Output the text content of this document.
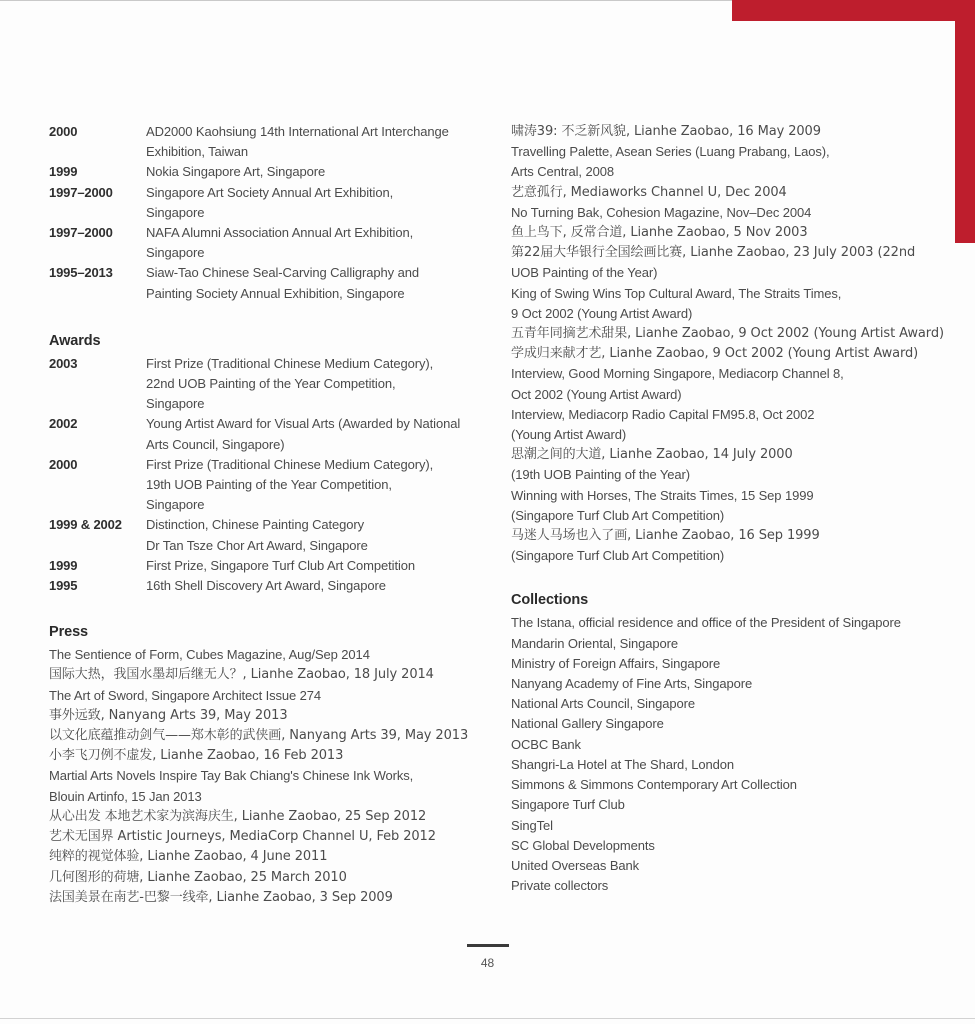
2000	AD2000 Kaohsiung 14th International Art Interchange
Exhibition, Taiwan
1999	Nokia Singapore Art, Singapore
1997–2000	Singapore Art Society Annual Art Exhibition,
Singapore
1997–2000	NAFA Alumni Association Annual Art Exhibition,
Singapore
1995–2013	Siaw-Tao Chinese Seal-Carving Calligraphy and
Painting Society Annual Exhibition, Singapore
Awards
2003	First Prize (Traditional Chinese Medium Category),
22nd UOB Painting of the Year Competition,
Singapore
2002	Young Artist Award for Visual Arts (Awarded by National
Arts Council, Singapore)
2000	First Prize (Traditional Chinese Medium Category),
19th UOB Painting of the Year Competition,
Singapore
1999 & 2002	Distinction, Chinese Painting Category
Dr Tan Tsze Chor Art Award, Singapore
1999	First Prize, Singapore Turf Club Art Competition
1995	16th Shell Discovery Art Award, Singapore
Press
The Sentience of Form, Cubes Magazine, Aug/Sep 2014
国际大热，我国水墨却后继无人？, Lianhe Zaobao, 18 July 2014
The Art of Sword, Singapore Architect Issue 274
事外远致, Nanyang Arts 39, May 2013
以文化底蕴推动剑气——郑木彰的武侠画, Nanyang Arts 39, May 2013
小李飞刀例不虚发, Lianhe Zaobao, 16 Feb 2013
Martial Arts Novels Inspire Tay Bak Chiang's Chinese Ink Works,
Blouin Artinfo, 15 Jan 2013
从心出发 本地艺术家为滨海庆生, Lianhe Zaobao, 25 Sep 2012
艺术无国界 Artistic Journeys, MediaCorp Channel U, Feb 2012
纯粹的视觉体验, Lianhe Zaobao, 4 June 2011
几何图形的荷塘, Lianhe Zaobao, 25 March 2010
法国美景在南艺-巴黎一线牵, Lianhe Zaobao, 3 Sep 2009
啸涛39: 不乏新风貌, Lianhe Zaobao, 16 May 2009
Travelling Palette, Asean Series (Luang Prabang, Laos),
Arts Central, 2008
艺意孤行, Mediaworks Channel U, Dec 2004
No Turning Bak, Cohesion Magazine, Nov–Dec 2004
鱼上鸟下, 反常合道, Lianhe Zaobao, 5 Nov 2003
第22届大华银行全国绘画比赛, Lianhe Zaobao, 23 July 2003 (22nd
UOB Painting of the Year)
King of Swing Wins Top Cultural Award, The Straits Times,
9 Oct 2002 (Young Artist Award)
五青年同摘艺术甜果, Lianhe Zaobao, 9 Oct 2002 (Young Artist Award)
学成归来献才艺, Lianhe Zaobao, 9 Oct 2002 (Young Artist Award)
Interview, Good Morning Singapore, Mediacorp Channel 8,
Oct 2002 (Young Artist Award)
Interview, Mediacorp Radio Capital FM95.8, Oct 2002
(Young Artist Award)
思潮之间的大道, Lianhe Zaobao, 14 July 2000
(19th UOB Painting of the Year)
Winning with Horses, The Straits Times, 15 Sep 1999
(Singapore Turf Club Art Competition)
马迷人马场也入了画, Lianhe Zaobao, 16 Sep 1999
(Singapore Turf Club Art Competition)
Collections
The Istana, official residence and office of the President of Singapore
Mandarin Oriental, Singapore
Ministry of Foreign Affairs, Singapore
Nanyang Academy of Fine Arts, Singapore
National Arts Council, Singapore
National Gallery Singapore
OCBC Bank
Shangri-La Hotel at The Shard, London
Simmons & Simmons Contemporary Art Collection
Singapore Turf Club
SingTel
SC Global Developments
United Overseas Bank
Private collectors
48
